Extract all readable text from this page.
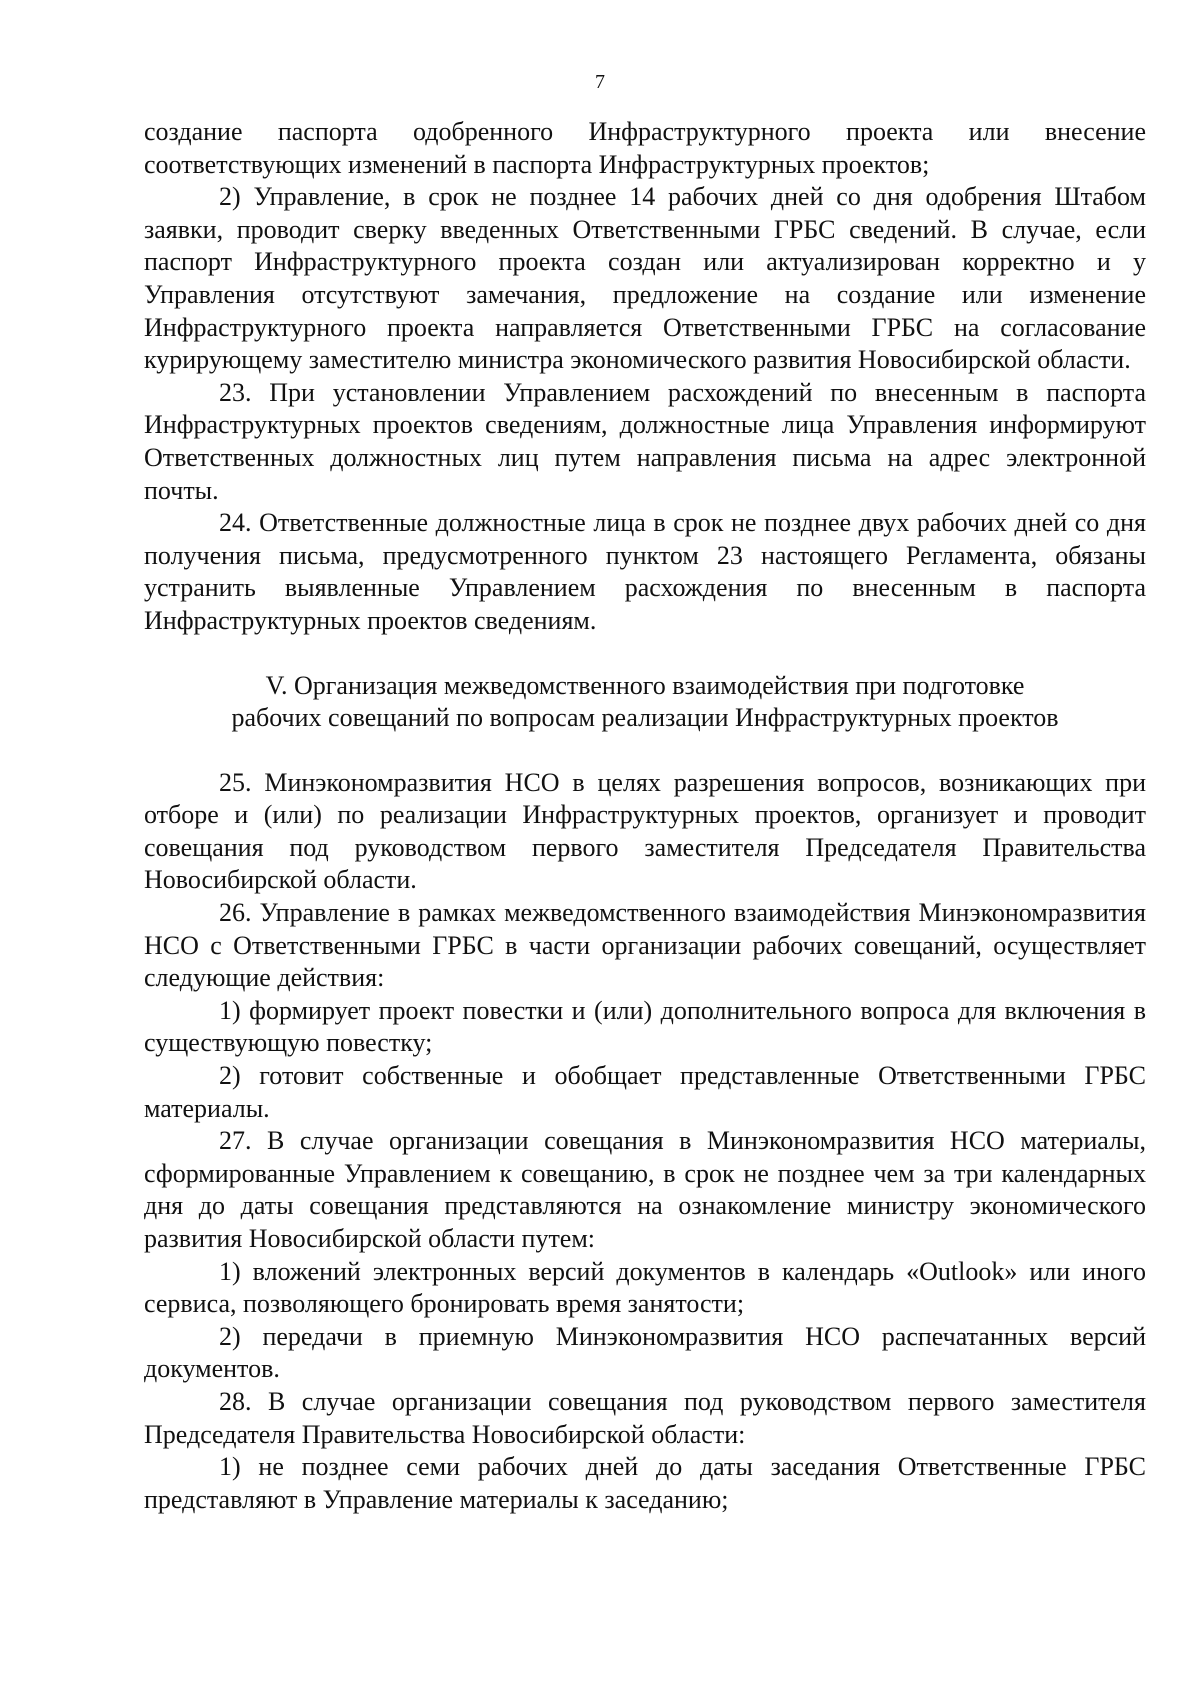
7

создание паспорта одобренного Инфраструктурного проекта или внесение соответствующих изменений в паспорта Инфраструктурных проектов;

2) Управление, в срок не позднее 14 рабочих дней со дня одобрения Штабом заявки, проводит сверку введенных Ответственными ГРБС сведений. В случае, если паспорт Инфраструктурного проекта создан или актуализирован корректно и у Управления отсутствуют замечания, предложение на создание или изменение Инфраструктурного проекта направляется Ответственными ГРБС на согласование курирующему заместителю министра экономического развития Новосибирской области.

23. При установлении Управлением расхождений по внесенным в паспорта Инфраструктурных проектов сведениям, должностные лица Управления информируют Ответственных должностных лиц путем направления письма на адрес электронной почты.

24. Ответственные должностные лица в срок не позднее двух рабочих дней со дня получения письма, предусмотренного пунктом 23 настоящего Регламента, обязаны устранить выявленные Управлением расхождения по внесенным в паспорта Инфраструктурных проектов сведениям.

V. Организация межведомственного взаимодействия при подготовке
рабочих совещаний по вопросам реализации Инфраструктурных проектов

25. Минэкономразвития НСО в целях разрешения вопросов, возникающих при отборе и (или) по реализации Инфраструктурных проектов, организует и проводит совещания под руководством первого заместителя Председателя Правительства Новосибирской области.

26. Управление в рамках межведомственного взаимодействия Минэкономразвития НСО с Ответственными ГРБС в части организации рабочих совещаний, осуществляет следующие действия:

1) формирует проект повестки и (или) дополнительного вопроса для включения в существующую повестку;

2) готовит собственные и обобщает представленные Ответственными ГРБС материалы.

27. В случае организации совещания в Минэкономразвития НСО материалы, сформированные Управлением к совещанию, в срок не позднее чем за три календарных дня до даты совещания представляются на ознакомление министру экономического развития Новосибирской области путем:

1) вложений электронных версий документов в календарь «Outlook» или иного сервиса, позволяющего бронировать время занятости;

2) передачи в приемную Минэкономразвития НСО распечатанных версий документов.

28. В случае организации совещания под руководством первого заместителя Председателя Правительства Новосибирской области:

1) не позднее семи рабочих дней до даты заседания Ответственные ГРБС представляют в Управление материалы к заседанию;
